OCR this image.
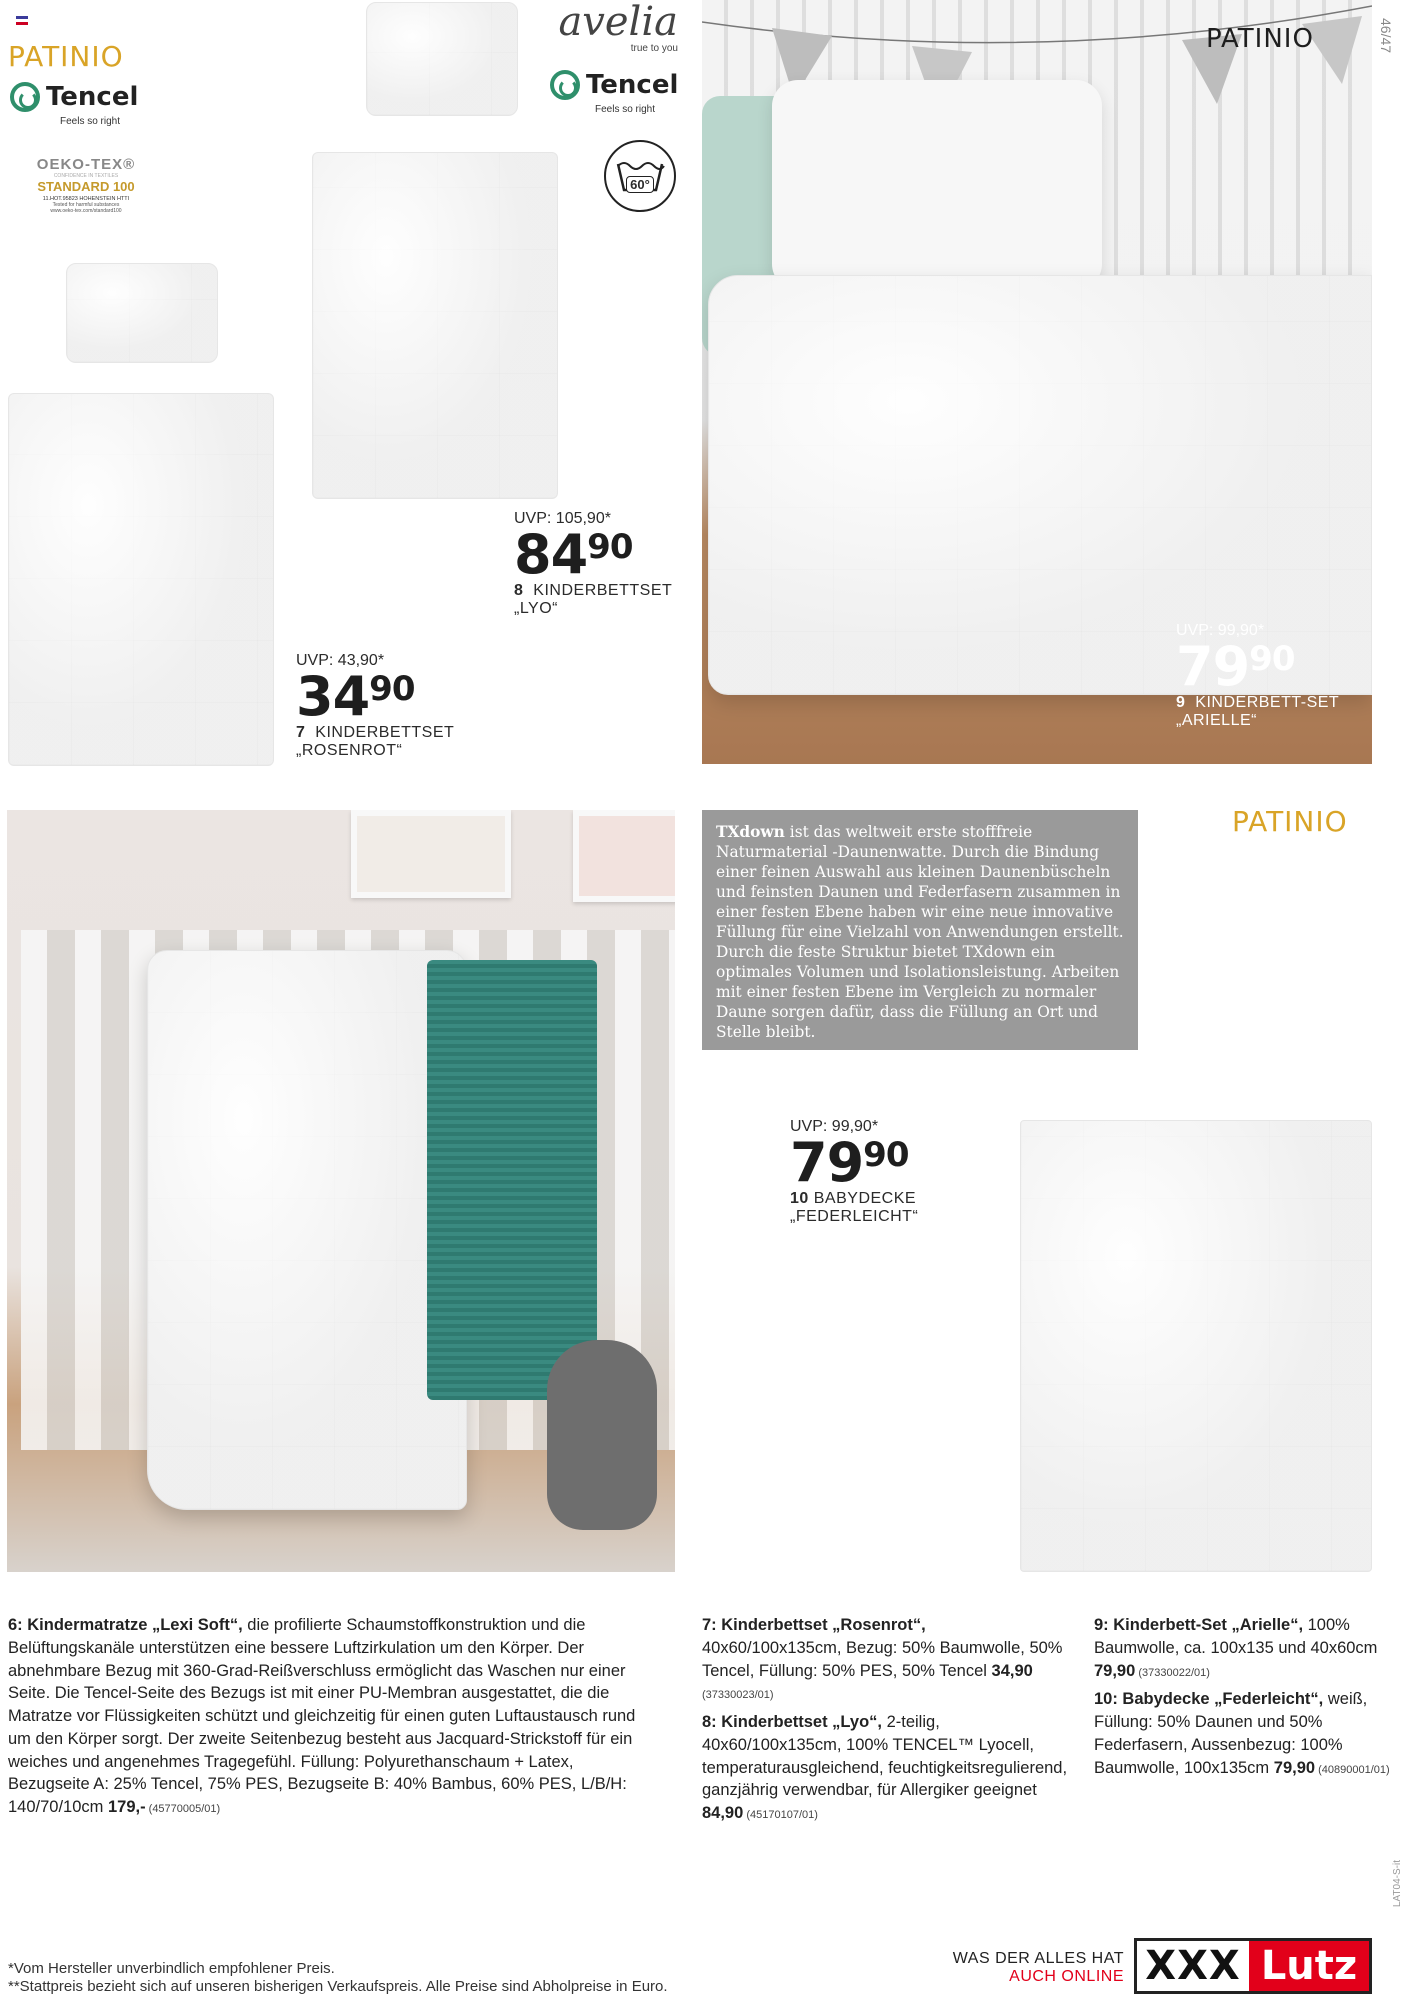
PATINIO
Tencel
Feels so right
OEKO-TEX®
CONFIDENCE IN TEXTILES
STANDARD 100
11.HOT.95823 HOHENSTEIN HTTI
Tested for harmful substances
www.oeko-tex.com/standard100
avelia
true to you
Tencel
Feels so right
60°
UVP: 43,90*
$34^{90}$
7 KINDERBETTSET
„ROSENROT“
UVP: 105,90*
$84^{90}$
8 KINDERBETTSET
„LYO“
PATINIO	46/47
UVP: 99,90*
$79^{90}$
9 KINDERBETT-SET
„ARIELLE“

TXdown ist das weltweit erste stofffreie Naturmaterial -Daunenwatte. Durch die Bindung einer feinen Auswahl aus kleinen Daunenbüscheln und feinsten Daunen und Federfasern zusammen in einer festen Ebene haben wir eine neue innovative Füllung für eine Vielzahl von Anwendungen erstellt. Durch die feste Struktur bietet TXdown ein optimales Volumen und Isolationsleistung. Arbeiten mit einer festen Ebene im Vergleich zu normaler Daune sorgen dafür, dass die Füllung an Ort und Stelle bleibt.

PATINIO
UVP: 99,90*
$79^{90}$
10 BABYDECKE
„FEDERLEICHT“
6: Kindermatratze „Lexi Soft“, die profilierte Schaumstoffkonstruktion und die Belüftungskanäle unterstützen eine bessere Luftzirkulation um den Körper. Der abnehmbare Bezug mit 360-Grad-Reißverschluss ermöglicht das Waschen nur einer Seite. Die Tencel-Seite des Bezugs ist mit einer PU-Membran ausgestattet, die die Matratze vor Flüssigkeiten schützt und gleichzeitig für einen guten Luftaustausch rund um den Körper sorgt. Der zweite Seitenbezug besteht aus Jacquard-Strickstoff für ein weiches und angenehmes Tragegefühl. Füllung: Polyurethanschaum + Latex, Bezugseite A: 25% Tencel, 75% PES, Bezugseite B: 40% Bambus, 60% PES, L/B/H: 140/70/10cm 179,- (45770005/01)
7: Kinderbettset „Rosenrot“, 40x60/100x135cm, Bezug: 50% Baumwolle, 50% Tencel, Füllung: 50% PES, 50% Tencel 34,90 (37330023/01)
8: Kinderbettset „Lyo“, 2-teilig, 40x60/100x135cm, 100% TENCEL™ Lyocell, temperaturausgleichend, feuchtigkeitsregulierend, ganzjährig verwendbar, für Allergiker geeignet 84,90 (45170107/01)
9: Kinderbett-Set „Arielle“, 100% Baumwolle, ca. 100x135 und 40x60cm 79,90 (37330022/01)
10: Babydecke „Federleicht“, weiß, Füllung: 50% Daunen und 50% Federfasern, Aussenbezug: 100% Baumwolle, 100x135cm 79,90 (40890001/01)
LAT04-S-it
*Vom Hersteller unverbindlich empfohlener Preis.
**Stattpreis bezieht sich auf unseren bisherigen Verkaufspreis. Alle Preise sind Abholpreise in Euro.
WAS DER ALLES HAT
AUCH ONLINE XXX Lutz
